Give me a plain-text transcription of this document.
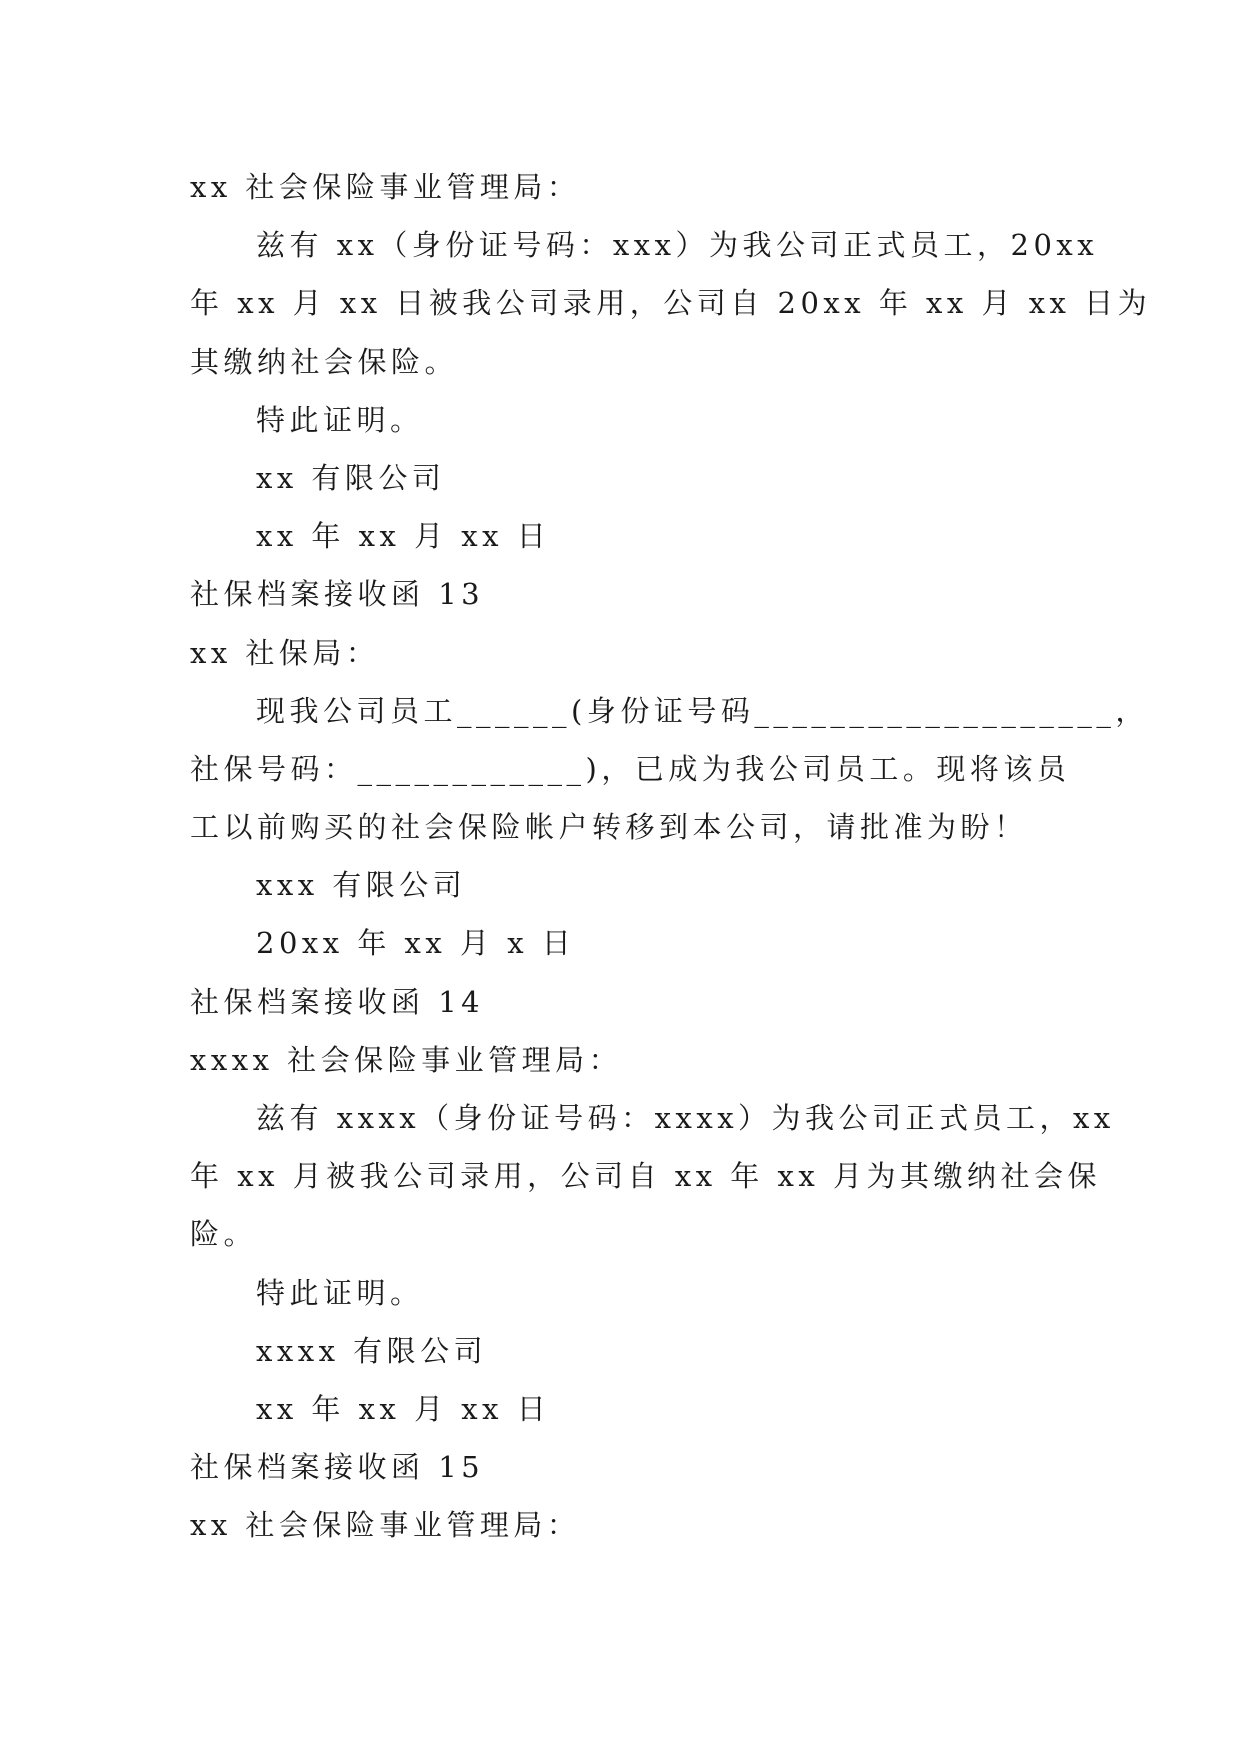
xx 社会保险事业管理局：
兹有 xx（身份证号码：xxx）为我公司正式员工，20xx
年 xx 月 xx 日被我公司录用，公司自 20xx 年 xx 月 xx 日为
其缴纳社会保险。
特此证明。
xx 有限公司
xx 年 xx 月 xx 日
社保档案接收函 13
xx 社保局：
现我公司员工______(身份证号码___________________，
社保号码：____________)，已成为我公司员工。现将该员
工以前购买的社会保险帐户转移到本公司，请批准为盼！
xxx 有限公司
20xx 年 xx 月 x 日
社保档案接收函 14
xxxx 社会保险事业管理局：
兹有 xxxx（身份证号码：xxxx）为我公司正式员工，xx
年 xx 月被我公司录用，公司自 xx 年 xx 月为其缴纳社会保
险。
特此证明。
xxxx 有限公司
xx 年 xx 月 xx 日
社保档案接收函 15
xx 社会保险事业管理局：
